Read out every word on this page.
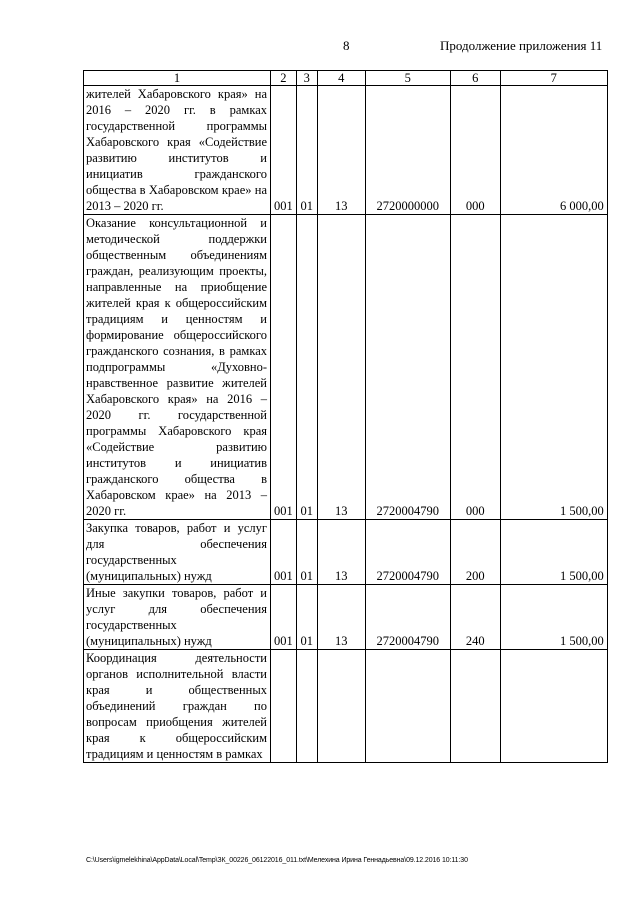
8	Продолжение приложения 11
1	2	3	4	5	6	7
жителей Хабаровского края» на 2016 – 2020 гг. в рамках государственной программы Хабаровского края «Содействие развитию институтов и инициатив гражданского общества в Хабаровском крае» на 2013 – 2020 гг.	001	01	13	2720000000	000	6 000,00
Оказание консультационной и методической поддержки общественным объединениям граждан, реализующим проекты, направленные на приобщение жителей края к общероссийским традициям и ценностям и формирование общероссийского гражданского сознания, в рамках подпрограммы «Духовно-нравственное развитие жителей Хабаровского края» на 2016 – 2020 гг. государственной программы Хабаровского края «Содействие развитию институтов и инициатив гражданского общества в Хабаровском крае» на 2013 – 2020 гг.	001	01	13	2720004790	000	1 500,00
Закупка товаров, работ и услуг для обеспечения государственных (муниципальных) нужд	001	01	13	2720004790	200	1 500,00
Иные закупки товаров, работ и услуг для обеспечения государственных (муниципальных) нужд	001	01	13	2720004790	240	1 500,00
Координация деятельности органов исполнительной власти края и общественных объединений граждан по вопросам приобщения жителей края к общероссийским традициям и ценностям в рамках						
C:\Users\igmelekhina\AppData\Local\Temp\ЗК_00226_06122016_011.txt\Мелехина Ирина Геннадьевна\09.12.2016 10:11:30
